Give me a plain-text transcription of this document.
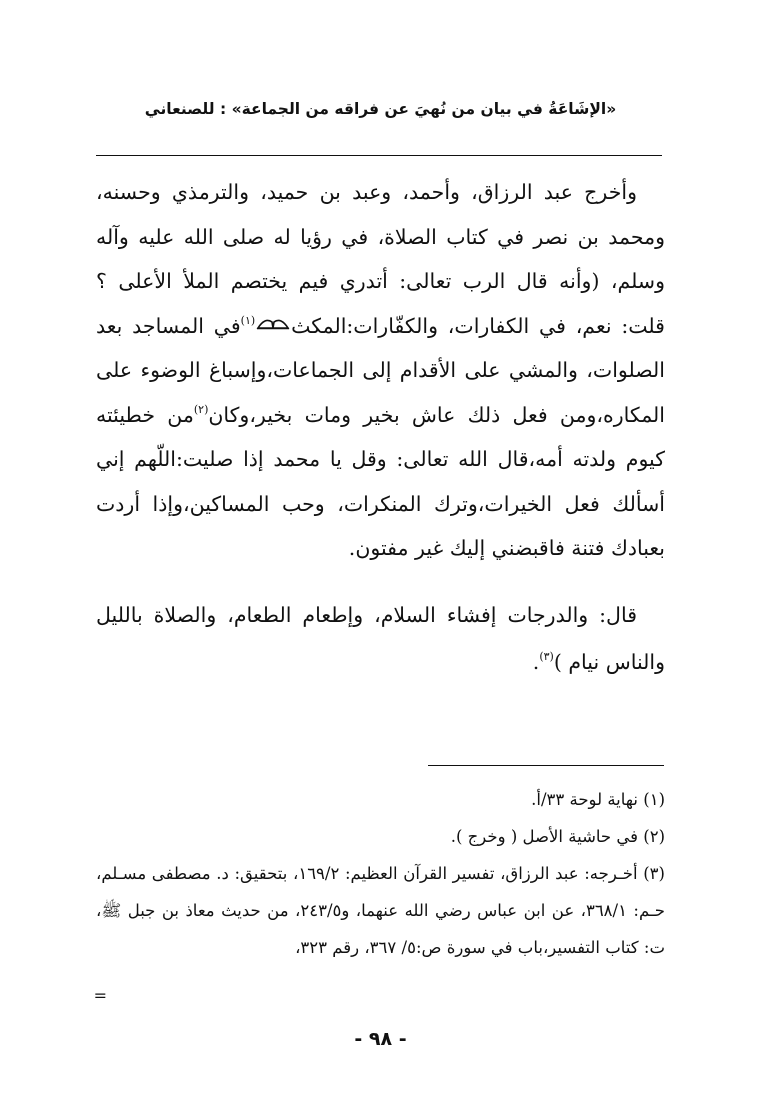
«الإشَاعَةُ في بيان من نُهيَ عن فراقه من الجماعة» : للصنعاني

وأخرج عبد الرزاق، وأحمد، وعبد بن حميد، والترمذي وحسنه، ومحمد بن نصر في كتاب الصلاة، في رؤيا له صلى الله عليه وآله وسلم، (وأنه قال الرب تعالى: أتدري فيم يختصم الملأ الأعلى ؟ قلت: نعم، في الكفارات، والكفّارات:المكث$^{(١)}$في المساجد بعد الصلوات، والمشي على الأقدام إلى الجماعات،وإسباغ الوضوء على المكاره،ومن فعل ذلك عاش بخير ومات بخير،وكان$^{(٢)}$من خطيئته كيوم ولدته أمه،قال الله تعالى: وقل يا محمد إذا صليت:اللّهم إني أسألك فعل الخيرات،وترك المنكرات، وحب المساكين،وإذا أردت بعبادك فتنة فاقبضني إليك غير مفتون.

قال: والدرجات إفشاء السلام، وإطعام الطعام، والصلاة بالليل والناس نيام )$^{(٣)}$.

(١) نهاية لوحة ٣٣/أ.
(٢) في حاشية الأصل ( وخرج ).
(٣) أخـرجه: عبد الرزاق، تفسير القرآن العظيم: ١٦٩/٢، بتحقيق: د. مصطفى مسـلم، حـم: ٣٦٨/١، عن ابن عباس رضي الله عنهما، و٢٤٣/٥، من حديث معاذ بن جبل ﷺ، ت: كتاب التفسير،باب في سورة ص:٥/ ٣٦٧، رقم ٣٢٣،
=
- ٩٨ -
